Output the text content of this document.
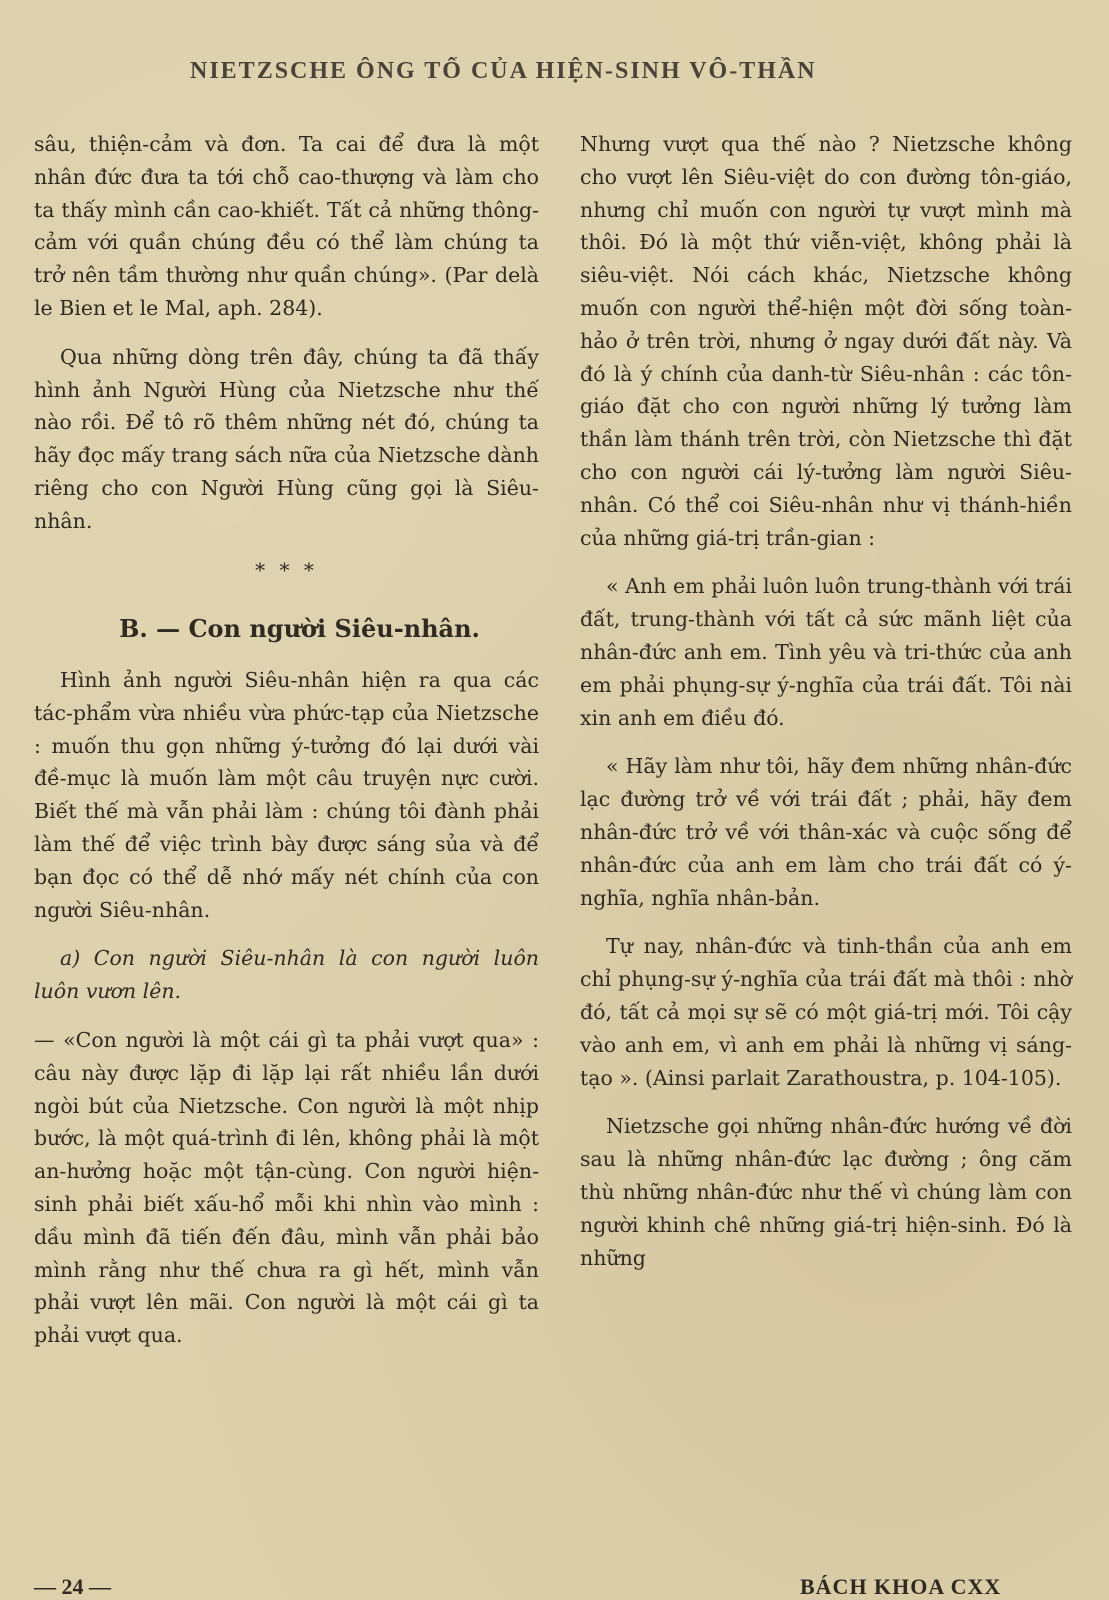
NIETZSCHE ÔNG TỔ CỦA HIỆN-SINH VÔ-THẦN

sâu, thiện-cảm và đơn. Ta cai để đưa là một nhân đức đưa ta tới chỗ cao-thượng và làm cho ta thấy mình cần cao-khiết. Tất cả những thông-cảm với quần chúng đều có thể làm chúng ta trở nên tầm thường như quần chúng». (Par delà le Bien et le Mal, aph. 284).

Qua những dòng trên đây, chúng ta đã thấy hình ảnh Người Hùng của Nietzsche như thế nào rồi. Để tô rõ thêm những nét đó, chúng ta hãy đọc mấy trang sách nữa của Nietzsche dành riêng cho con Người Hùng cũng gọi là Siêu-nhân.

* * *

B. — Con người Siêu-nhân.

Hình ảnh người Siêu-nhân hiện ra qua các tác-phẩm vừa nhiều vừa phức-tạp của Nietzsche : muốn thu gọn những ý-tưởng đó lại dưới vài đề-mục là muốn làm một câu truyện nực cười. Biết thế mà vẫn phải làm : chúng tôi đành phải làm thế để việc trình bày được sáng sủa và để bạn đọc có thể dễ nhớ mấy nét chính của con người Siêu-nhân.

a) Con người Siêu-nhân là con người luôn luôn vươn lên.

— «Con người là một cái gì ta phải vượt qua» : câu này được lặp đi lặp lại rất nhiều lần dưới ngòi bút của Nietzsche. Con người là một nhịp bước, là một quá-trình đi lên, không phải là một an-hưởng hoặc một tận-cùng. Con người hiện-sinh phải biết xấu-hổ mỗi khi nhìn vào mình : dầu mình đã tiến đến đâu, mình vẫn phải bảo mình rằng như thế chưa ra gì hết, mình vẫn phải vượt lên mãi. Con người là một cái gì ta phải vượt qua.

Nhưng vượt qua thế nào ? Nietzsche không cho vượt lên Siêu-việt do con đường tôn-giáo, nhưng chỉ muốn con người tự vượt mình mà thôi. Đó là một thứ viễn-việt, không phải là siêu-việt. Nói cách khác, Nietzsche không muốn con người thể-hiện một đời sống toàn-hảo ở trên trời, nhưng ở ngay dưới đất này. Và đó là ý chính của danh-từ Siêu-nhân : các tôn-giáo đặt cho con người những lý tưởng làm thần làm thánh trên trời, còn Nietzsche thì đặt cho con người cái lý-tưởng làm người Siêu-nhân. Có thể coi Siêu-nhân như vị thánh-hiền của những giá-trị trần-gian :

« Anh em phải luôn luôn trung-thành với trái đất, trung-thành với tất cả sức mãnh liệt của nhân-đức anh em. Tình yêu và tri-thức của anh em phải phụng-sự ý-nghĩa của trái đất. Tôi nài xin anh em điều đó.

« Hãy làm như tôi, hãy đem những nhân-đức lạc đường trở về với trái đất ; phải, hãy đem nhân-đức trở về với thân-xác và cuộc sống để nhân-đức của anh em làm cho trái đất có ý-nghĩa, nghĩa nhân-bản.

Tự nay, nhân-đức và tinh-thần của anh em chỉ phụng-sự ý-nghĩa của trái đất mà thôi : nhờ đó, tất cả mọi sự sẽ có một giá-trị mới. Tôi cậy vào anh em, vì anh em phải là những vị sáng-tạo ». (Ainsi parlait Zarathoustra, p. 104-105).

Nietzsche gọi những nhân-đức hướng về đời sau là những nhân-đức lạc đường ; ông căm thù những nhân-đức như thế vì chúng làm con người khinh chê những giá-trị hiện-sinh. Đó là những

— 24 —	BÁCH KHOA CXX
